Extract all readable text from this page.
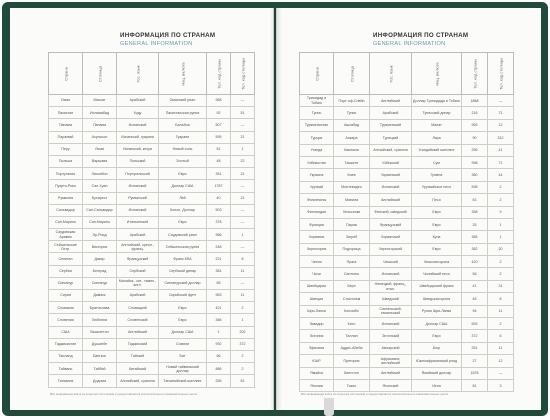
ИНФОРМАЦИЯ ПО СТРАНАМ
GENERAL INFORMATION
Страна	Столица	Гос. язык	Нац. валюта	Тел. код страны	Тел. код столицы

Оман	Маскат	Арабский	Оманский риал	968	—
Пакистан	Исламабад	Урду	Пакистанская рупия	92	51
Панама	Панама	Испанский	Бальбоа	507	—
Парагвай	Асунсьон	Испанский, гуарани	Гуарани	595	21
Перу	Лима	Испанский, кечуа	Новый соль	51	1
Польша	Варшава	Польский	Злотый	48	22
Португалия	Лиссабон	Португальский	Евро	351	21
Пуэрто-Рико	Сан-Хуан	Испанский	Доллар США	1787	—
Румыния	Бухарест	Румынский	Лей	40	21
Сальвадор	Сан-Сальвадор	Испанский	Колон, Доллар	503	—
Сан-Марино	Сан-Марино	Итальянский	Евро	378	—
Саудовская Аравия	Эр-Рияд	Арабский	Саудовский риял	966	1
Сейшельские Остр.	Виктория	Английский, креол., франц.	Сейшельская рупия	248	—
Сенегал	Дакар	Французский	Франк КФА	221	8
Сербия	Белград	Сербский	Сербский динар	381	11
Сингапур	Сингапур	Малайск., кит., тамил., англ.	Сингапурский доллар	65	—
Сирия	Дамаск	Арабский	Сирийский фунт	963	11
Словакия	Братислава	Словацкий	Евро	421	2
Словения	Любляна	Словенский	Евро	386	1
США	Вашингтон	Английский	Доллар США	1	202
Таджикистан	Душанбе	Таджикский	Сомони	992	372
Таиланд	Бангкок	Тайский	Бат	66	2
Тайвань	Тайбэй	Китайский	Новый тайваньский доллар	886	2
Танзания	Додома	Английский, суахили	Танзанийский шиллинг	255	61
Вся информация взята из открытых источников и предоставляется исключительно в ознакомительных целях
ИНФОРМАЦИЯ ПО СТРАНАМ
GENERAL INFORMATION
Страна	Столица	Гос. язык	Нац. валюта	Тел. код страны	Тел. код столицы

Тринидад и Тобаго	Порт-оф-Спейн	Английский	Доллар Тринидада и Тобаго	1868	—
Тунис	Тунис	Арабский	Тунисский динар	216	71
Туркменистан	Ашхабад	Туркменский	Манат	993	12
Турция	Анкара	Турецкий	Лира	90	312
Уганда	Кампала	Английский, суахили	Угандийский шиллинг	256	41
Узбекистан	Ташкент	Узбекский	Сум	998	71
Украина	Киев	Украинский	Гривна	380	44
Уругвай	Монтевидео	Испанский	Уругвайское песо	598	2
Филиппины	Манила	Английский	Песо	63	2
Финляндия	Хельсинки	Финский, шведский	Евро	358	9
Франция	Париж	Французский	Евро	33	1
Хорватия	Загреб	Хорватский	Куна	385	1
Черногория	Подгорица	Черногорский	Евро	382	20
Чехия	Прага	Чешский	Чешская крона	420	2
Чили	Сантьяго	Испанский	Чилийский песо	56	2
Швейцария	Берн	Немецкий, франц., итал.	Швейцарский франк	41	31
Швеция	Стокгольм	Шведский	Шведская крона	46	8
Шри-Ланка	Коломбо	Сингальский, тамильский	Рупия Шри-Ланки	94	11
Эквадор	Кито	Испанский	Доллар США	593	2
Эстония	Таллин	Эстонский	Евро	372	6
Эфиопия	Аддис-Абеба	Амхарский	Быр	251	11
ЮАР	Претория	Африкаанс, английский	Южноафриканский рэнд	27	12
Ямайка	Кингстон	Английский	Ямайский доллар	1876	—
Япония	Токио	Японский	Иена	81	3
Вся информация взята из открытых источников и предоставляется исключительно в ознакомительных целях
